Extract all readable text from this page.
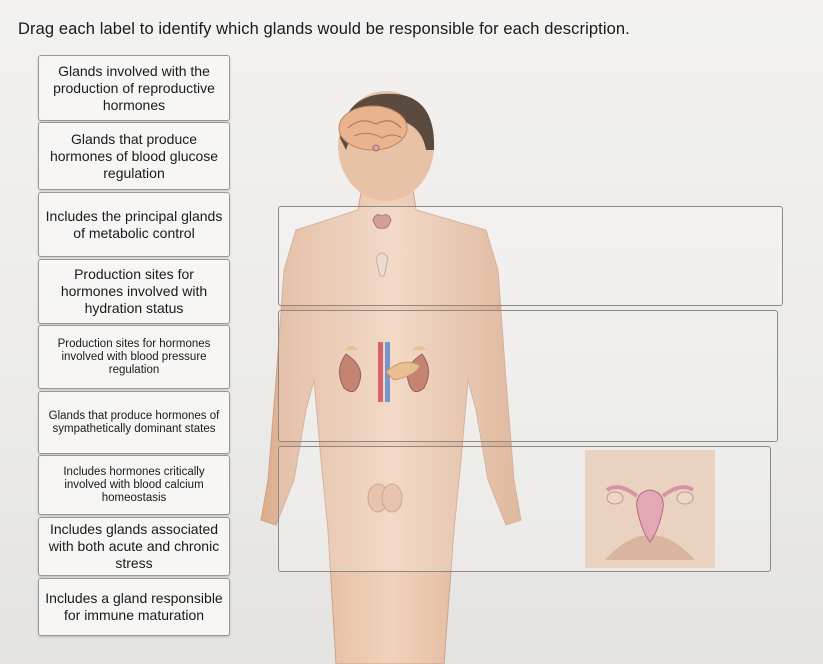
Drag each label to identify which glands would be responsible for each description.
Glands involved with the production of reproductive hormones
Glands that produce hormones of blood glucose regulation
Includes the principal glands of metabolic control
Production sites for hormones involved with hydration status
Production sites for hormones involved with blood pressure regulation
Glands that produce hormones of sympathetically dominant states
Includes hormones critically involved with blood calcium homeostasis
Includes glands associated with both acute and chronic stress
Includes a gland responsible for immune maturation
